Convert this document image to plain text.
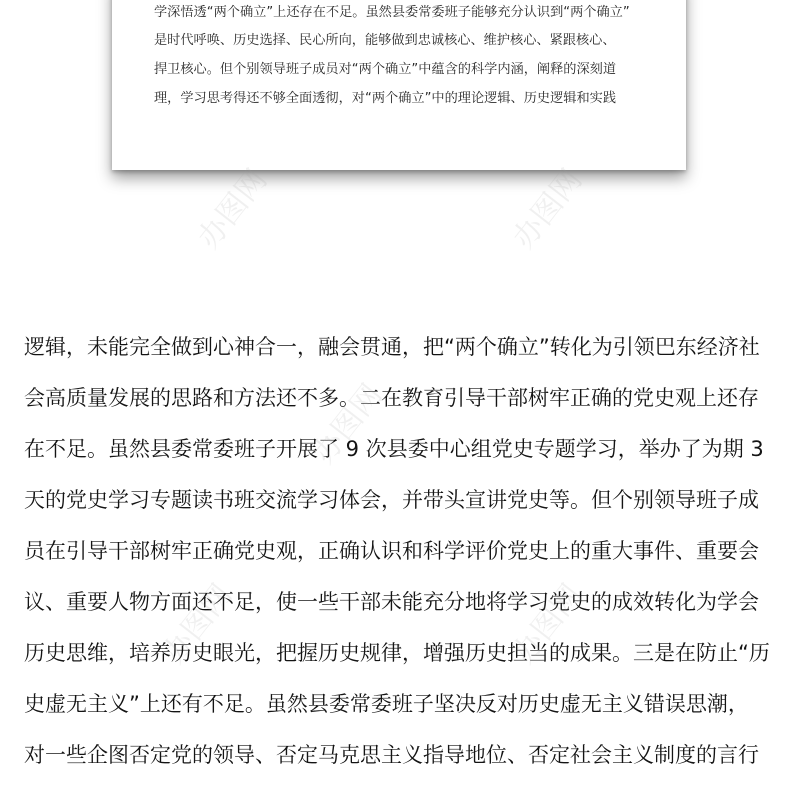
学深悟透“两个确立”上还存在不足。虽然县委常委班子能够充分认识到“两个确立”
是时代呼唤、历史选择、民心所向，能够做到忠诚核心、维护核心、紧跟核心、
捍卫核心。但个别领导班子成员对“两个确立”中蕴含的科学内涵，阐释的深刻道
理，学习思考得还不够全面透彻，对“两个确立”中的理论逻辑、历史逻辑和实践
逻辑，未能完全做到心神合一，融会贯通，把“两个确立”转化为引领巴东经济社
会高质量发展的思路和方法还不多。二在教育引导干部树牢正确的党史观上还存
在不足。虽然县委常委班子开展了 9 次县委中心组党史专题学习，举办了为期 3
天的党史学习专题读书班交流学习体会，并带头宣讲党史等。但个别领导班子成
员在引导干部树牢正确党史观，正确认识和科学评价党史上的重大事件、重要会
议、重要人物方面还不足，使一些干部未能充分地将学习党史的成效转化为学会
历史思维，培养历史眼光，把握历史规律，增强历史担当的成果。三是在防止“历
史虚无主义”上还有不足。虽然县委常委班子坚决反对历史虚无主义错误思潮，
对一些企图否定党的领导、否定马克思主义指导地位、否定社会主义制度的言行
办图网	办图网
办图网
办图网	办图网
